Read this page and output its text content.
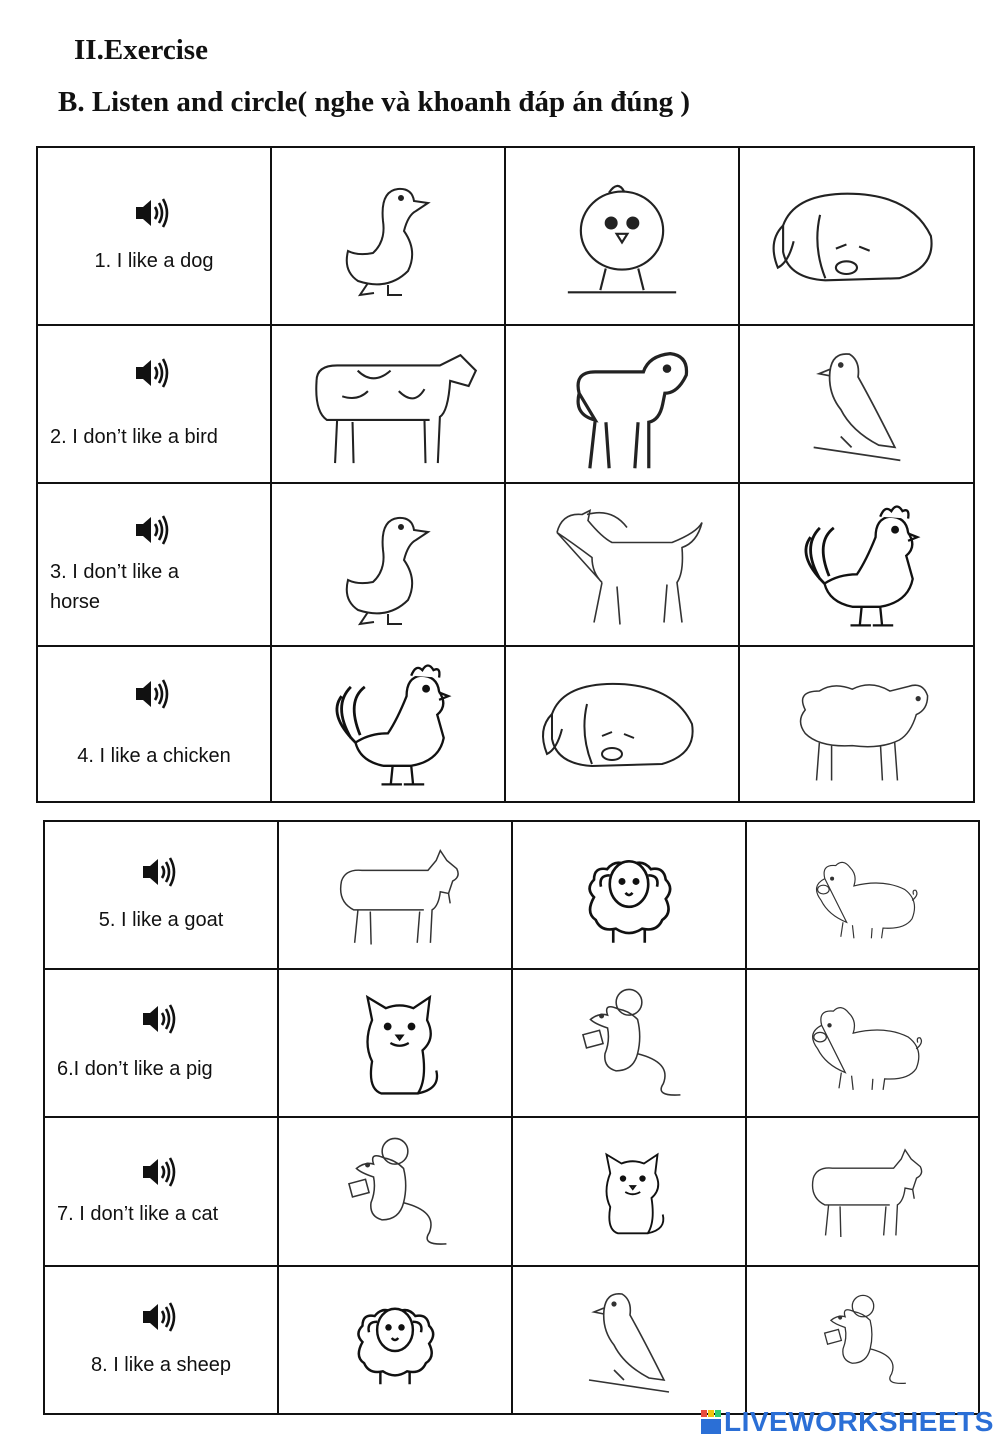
II.Exercise
B. Listen and circle( nghe và khoanh đáp án đúng )
1. I like a dog

2. I don’t like a bird

3. I don’t like a horse

4. I like a chicken

5. I like a goat

6.I don’t like a pig

7. I don’t like a cat

8. I like a sheep

LIVEWORKSHEETS
